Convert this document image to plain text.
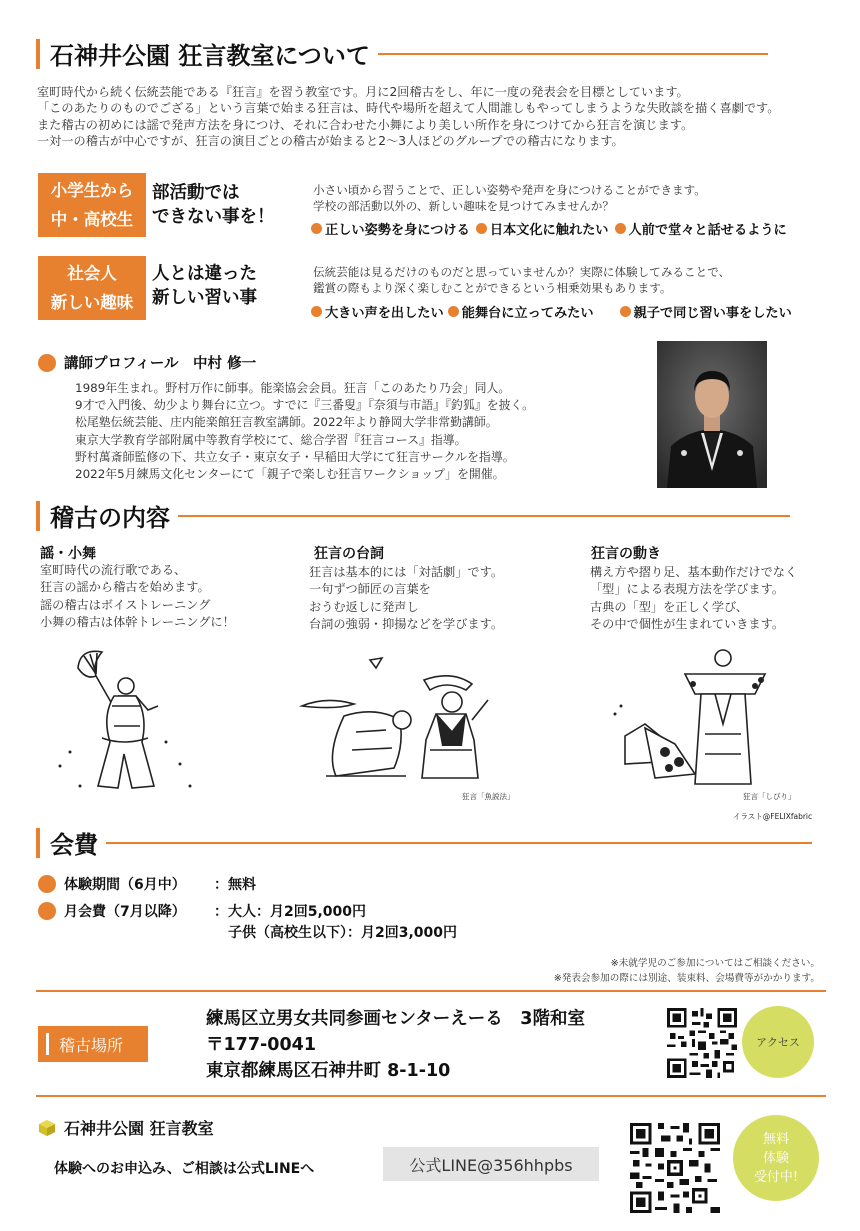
石神井公園 狂言教室について
室町時代から続く伝統芸能である『狂言』を習う教室です。月に2回稽古をし、年に一度の発表会を目標としています。
「このあたりのものでござる」という言葉で始まる狂言は、時代や場所を超えて人間誰しもやってしまうような失敗談を描く喜劇です。
また稽古の初めには謡で発声方法を身につけ、それに合わせた小舞により美しい所作を身につけてから狂言を演じます。
一対一の稽古が中心ですが、狂言の演目ごとの稽古が始まると2〜3人ほどのグループでの稽古になります。
小学生から
中・高校生
部活動では
できない事を！
小さい頃から習うことで、正しい姿勢や発声を身につけることができます。
学校の部活動以外の、新しい趣味を見つけてみませんか？
正しい姿勢を身につける 日本文化に触れたい 人前で堂々と話せるように
社会人
新しい趣味
人とは違った
新しい習い事
伝統芸能は見るだけのものだと思っていませんか？実際に体験してみることで、
鑑賞の際もより深く楽しむことができるという相乗効果もあります。
大きい声を出したい 能舞台に立ってみたい	親子で同じ習い事をしたい
講師プロフィール　中村 修一
1989年生まれ。野村万作に師事。能楽協会会員。狂言「このあたり乃会」同人。
9才で入門後、幼少より舞台に立つ。すでに『三番叟』『奈須与市語』『釣狐』を披く。
松尾塾伝統芸能、庄内能楽館狂言教室講師。2022年より静岡大学非常勤講師。
東京大学教育学部附属中等教育学校にて、総合学習『狂言コース』指導。
野村萬斎師監修の下、共立女子・東京女子・早稲田大学にて狂言サークルを指導。
2022年5月練馬文化センターにて「親子で楽しむ狂言ワークショップ」を開催。
稽古の内容
謡・小舞
室町時代の流行歌である、
狂言の謡から稽古を始めます。
謡の稽古はボイストレーニング
小舞の稽古は体幹トレーニングに！
狂言の台詞
狂言は基本的には「対話劇」です。
一句ずつ師匠の言葉を
おうむ返しに発声し
台詞の強弱・抑揚などを学びます。
狂言の動き
構え方や摺り足、基本動作だけでなく
「型」による表現方法を学びます。
古典の「型」を正しく学び、
その中で個性が生まれていきます。
狂言「魚説法」	狂言「しびり」
イラスト@FELIXfabric
会費
体験期間（6月中）	：無料
月会費（7月以降）	：大人：月2回5,000円
子供（高校生以下）：月2回3,000円
※未就学児のご参加についてはご相談ください。
※発表会参加の際には別途、装束料、会場費等がかかります。
稽古場所
練馬区立男女共同参画センターえーる　3階和室
〒177-0041
東京都練馬区石神井町 8-1-10
アクセス
石神井公園 狂言教室
体験へのお申込み、ご相談は公式LINEへ	公式LINE@356hhpbs
無料
体験
受付中!
